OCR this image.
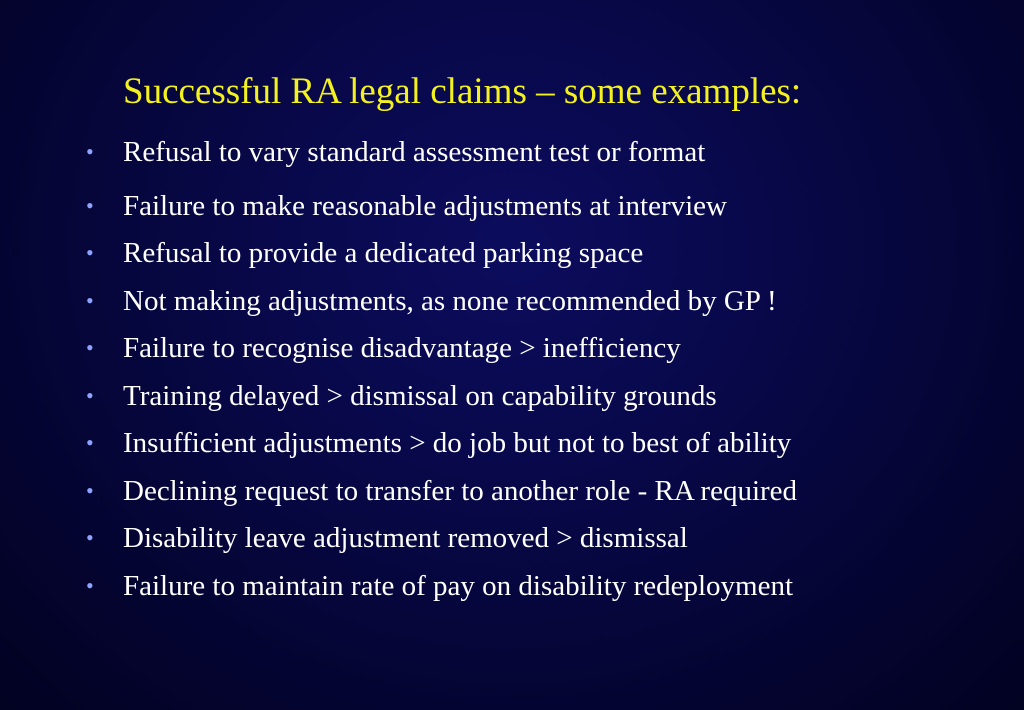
Successful RA legal claims – some examples:
• Refusal to vary standard assessment test or format
• Failure to make reasonable adjustments at interview
• Refusal to provide a dedicated parking space
• Not making adjustments, as none recommended by GP !
• Failure to recognise disadvantage > inefficiency
• Training delayed > dismissal on capability grounds
• Insufficient adjustments > do job but not to best of ability
• Declining request to transfer to another role - RA required
• Disability leave adjustment removed > dismissal
• Failure to maintain rate of pay on disability redeployment
